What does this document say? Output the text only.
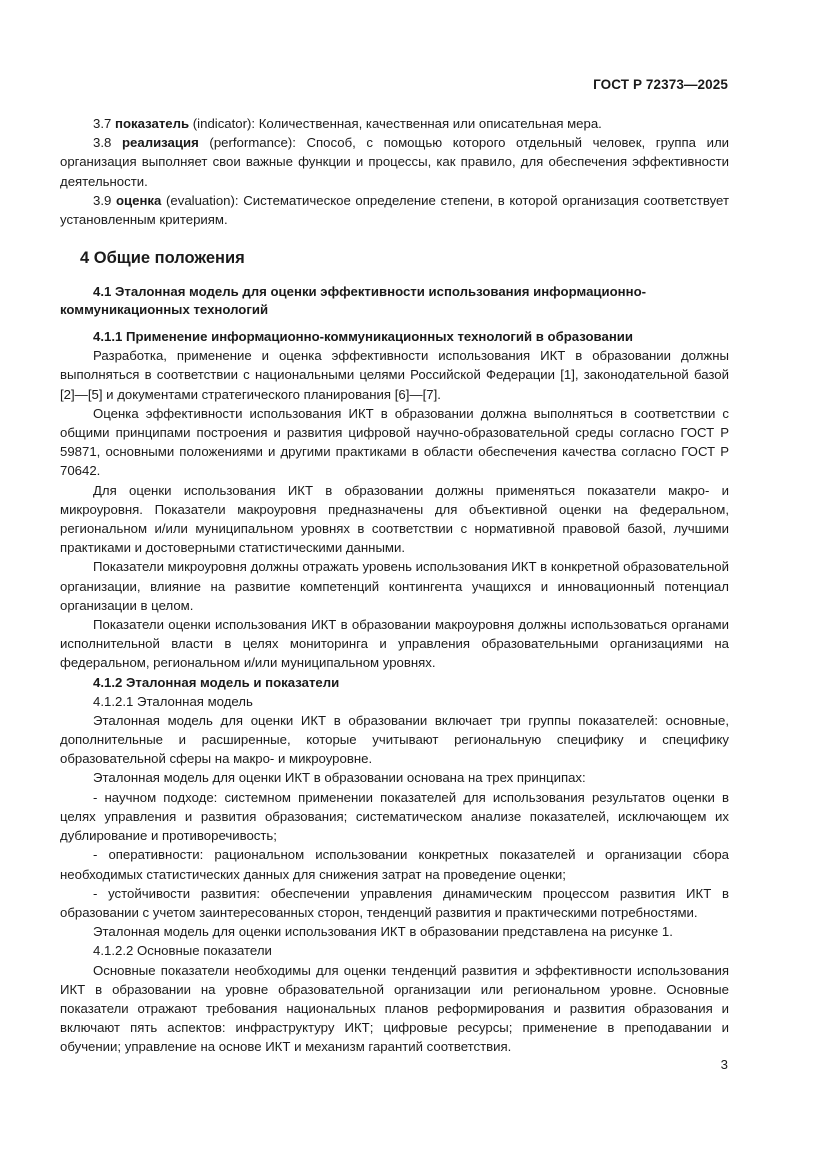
ГОСТ Р 72373—2025

3.7 показатель (indicator): Количественная, качественная или описательная мера.

3.8 реализация (performance): Способ, с помощью которого отдельный человек, группа или организация выполняет свои важные функции и процессы, как правило, для обеспечения эффективности деятельности.

3.9 оценка (evaluation): Систематическое определение степени, в которой организация соответствует установленным критериям.

4 Общие положения
4.1 Эталонная модель для оценки эффективности использования информационно-коммуникационных технологий
4.1.1 Применение информационно-коммуникационных технологий в образовании

Разработка, применение и оценка эффективности использования ИКТ в образовании должны выполняться в соответствии с национальными целями Российской Федерации [1], законодательной базой [2]—[5] и документами стратегического планирования [6]—[7].

Оценка эффективности использования ИКТ в образовании должна выполняться в соответствии с общими принципами построения и развития цифровой научно-образовательной среды согласно ГОСТ Р 59871, основными положениями и другими практиками в области обеспечения качества согласно ГОСТ Р 70642.

Для оценки использования ИКТ в образовании должны применяться показатели макро- и микроуровня. Показатели макроуровня предназначены для объективной оценки на федеральном, региональном и/или муниципальном уровнях в соответствии с нормативной правовой базой, лучшими практиками и достоверными статистическими данными.

Показатели микроуровня должны отражать уровень использования ИКТ в конкретной образовательной организации, влияние на развитие компетенций контингента учащихся и инновационный потенциал организации в целом.

Показатели оценки использования ИКТ в образовании макроуровня должны использоваться органами исполнительной власти в целях мониторинга и управления образовательными организациями на федеральном, региональном и/или муниципальном уровнях.

4.1.2 Эталонная модель и показатели

4.1.2.1 Эталонная модель

Эталонная модель для оценки ИКТ в образовании включает три группы показателей: основные, дополнительные и расширенные, которые учитывают региональную специфику и специфику образовательной сферы на макро- и микроуровне.

Эталонная модель для оценки ИКТ в образовании основана на трех принципах:

- научном подходе: системном применении показателей для использования результатов оценки в целях управления и развития образования; систематическом анализе показателей, исключающем их дублирование и противоречивость;

- оперативности: рациональном использовании конкретных показателей и организации сбора необходимых статистических данных для снижения затрат на проведение оценки;

- устойчивости развития: обеспечении управления динамическим процессом развития ИКТ в образовании с учетом заинтересованных сторон, тенденций развития и практическими потребностями.

Эталонная модель для оценки использования ИКТ в образовании представлена на рисунке 1.

4.1.2.2 Основные показатели

Основные показатели необходимы для оценки тенденций развития и эффективности использования ИКТ в образовании на уровне образовательной организации или региональном уровне. Основные показатели отражают требования национальных планов реформирования и развития образования и включают пять аспектов: инфраструктуру ИКТ; цифровые ресурсы; применение в преподавании и обучении; управление на основе ИКТ и механизм гарантий соответствия.

3
